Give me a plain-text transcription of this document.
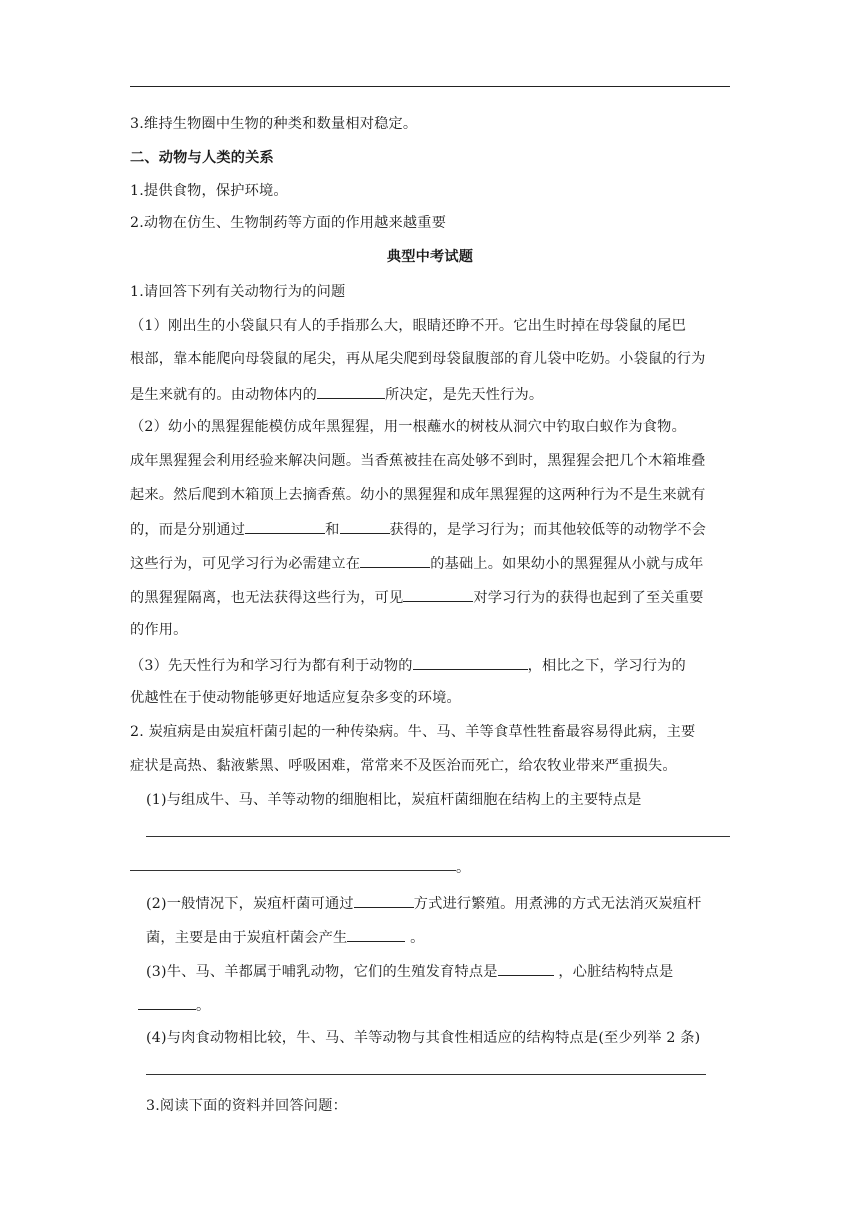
3.维持生物圈中生物的种类和数量相对稳定。
二、动物与人类的关系
1.提供食物，保护环境。
2.动物在仿生、生物制药等方面的作用越来越重要
典型中考试题
1.请回答下列有关动物行为的问题
（1）刚出生的小袋鼠只有人的手指那么大，眼睛还睁不开。它出生时掉在母袋鼠的尾巴
根部，靠本能爬向母袋鼠的尾尖，再从尾尖爬到母袋鼠腹部的育儿袋中吃奶。小袋鼠的行为
是生来就有的。由动物体内的	所决定，是先天性行为。
（2）幼小的黑猩猩能模仿成年黑猩猩，用一根蘸水的树枝从洞穴中钓取白蚁作为食物。
成年黑猩猩会利用经验来解决问题。当香蕉被挂在高处够不到时，黑猩猩会把几个木箱堆叠
起来。然后爬到木箱顶上去摘香蕉。幼小的黑猩猩和成年黑猩猩的这两种行为不是生来就有
的，而是分别通过	和	获得的，是学习行为；而其他较低等的动物学不会
这些行为，可见学习行为必需建立在	的基础上。如果幼小的黑猩猩从小就与成年
的黑猩猩隔离，也无法获得这些行为，可见	对学习行为的获得也起到了至关重要
的作用。
（3）先天性行为和学习行为都有利于动物的	，相比之下，学习行为的
优越性在于使动物能够更好地适应复杂多变的环境。
2. 炭疽病是由炭疽杆菌引起的一种传染病。牛、马、羊等食草性牲畜最容易得此病，主要
症状是高热、黏液紫黑、呼吸困难，常常来不及医治而死亡，给农牧业带来严重损失。
(1)与组成牛、马、羊等动物的细胞相比，炭疽杆菌细胞在结构上的主要特点是
。
(2)一般情况下，炭疽杆菌可通过	方式进行繁殖。用煮沸的方式无法消灭炭疽杆
菌，主要是由于炭疽杆菌会产生	。
(3)牛、马、羊都属于哺乳动物，它们的生殖发育特点是	，心脏结构特点是
。
(4)与肉食动物相比较，牛、马、羊等动物与其食性相适应的结构特点是(至少列举 2 条)
3.阅读下面的资料并回答问题：
